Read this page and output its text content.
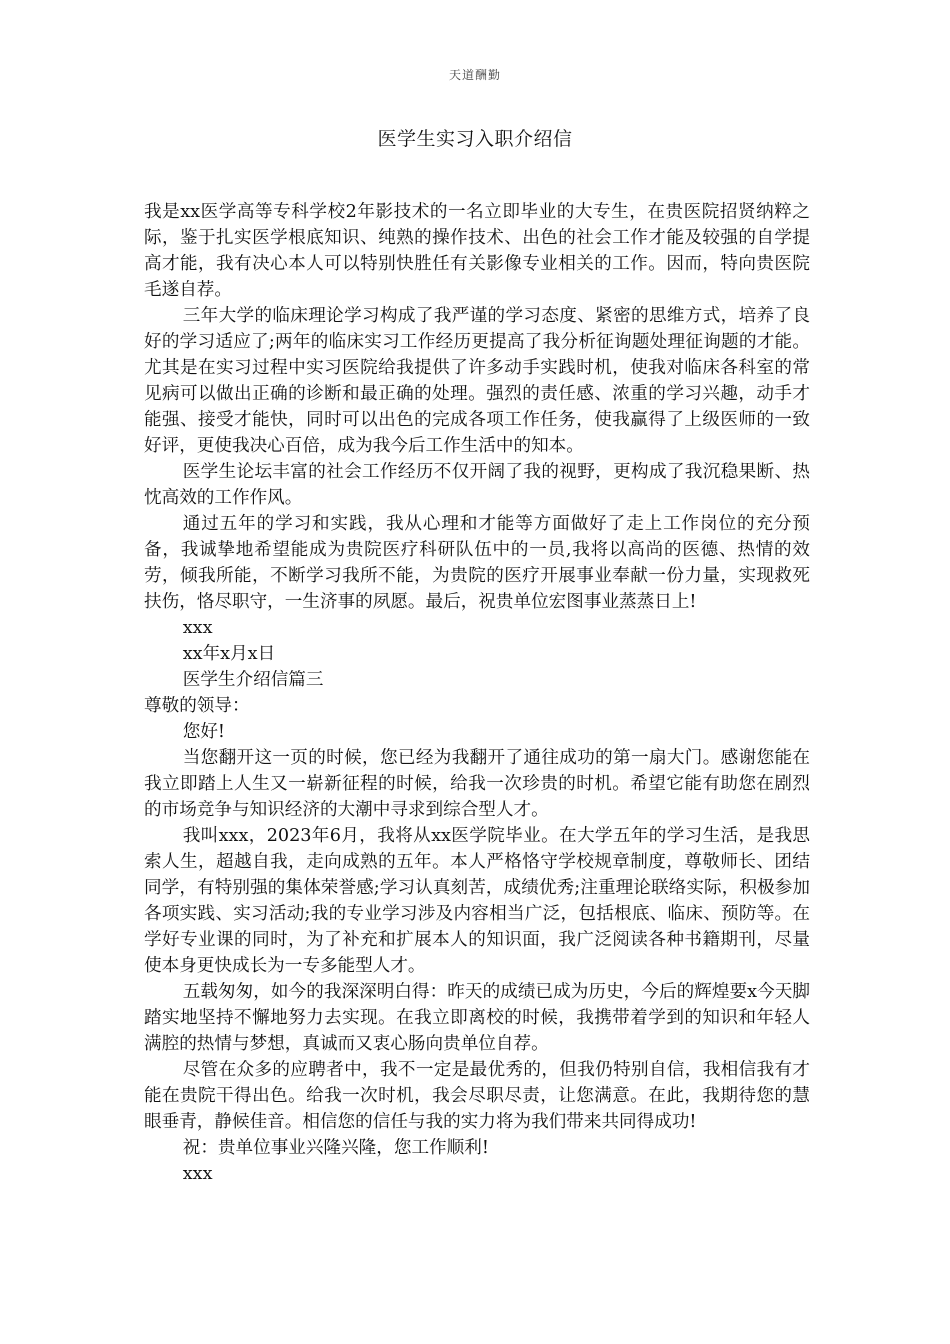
天道酬勤
医学生实习入职介绍信

我是xx医学高等专科学校2年影技术的一名立即毕业的大专生，在贵医院招贤纳粹之际，鉴于扎实医学根底知识、纯熟的操作技术、出色的社会工作才能及较强的自学提高才能，我有决心本人可以特别快胜任有关影像专业相关的工作。因而，特向贵医院毛遂自荐。

三年大学的临床理论学习构成了我严谨的学习态度、紧密的思维方式，培养了良好的学习适应了;两年的临床实习工作经历更提高了我分析征询题处理征询题的才能。尤其是在实习过程中实习医院给我提供了许多动手实践时机，使我对临床各科室的常见病可以做出正确的诊断和最正确的处理。强烈的责任感、浓重的学习兴趣，动手才能强、接受才能快，同时可以出色的完成各项工作任务，使我赢得了上级医师的一致好评，更使我决心百倍，成为我今后工作生活中的知本。

医学生论坛丰富的社会工作经历不仅开阔了我的视野，更构成了我沉稳果断、热忱高效的工作作风。

通过五年的学习和实践，我从心理和才能等方面做好了走上工作岗位的充分预备，我诚挚地希望能成为贵院医疗科研队伍中的一员,我将以高尚的医德、热情的效劳，倾我所能，不断学习我所不能，为贵院的医疗开展事业奉献一份力量，实现救死扶伤，恪尽职守，一生济事的夙愿。最后，祝贵单位宏图事业蒸蒸日上!

xxx

xx年x月x日

医学生介绍信篇三

尊敬的领导：

您好!

当您翻开这一页的时候，您已经为我翻开了通往成功的第一扇大门。感谢您能在我立即踏上人生又一崭新征程的时候，给我一次珍贵的时机。希望它能有助您在剧烈的市场竞争与知识经济的大潮中寻求到综合型人才。

我叫xxx，2023年6月，我将从xx医学院毕业。在大学五年的学习生活，是我思索人生，超越自我，走向成熟的五年。本人严格恪守学校规章制度，尊敬师长、团结同学，有特别强的集体荣誉感;学习认真刻苦，成绩优秀;注重理论联络实际，积极参加各项实践、实习活动;我的专业学习涉及内容相当广泛，包括根底、临床、预防等。在学好专业课的同时，为了补充和扩展本人的知识面，我广泛阅读各种书籍期刊，尽量使本身更快成长为一专多能型人才。

五载匆匆，如今的我深深明白得：昨天的成绩已成为历史，今后的辉煌要x今天脚踏实地坚持不懈地努力去实现。在我立即离校的时候，我携带着学到的知识和年轻人满腔的热情与梦想，真诚而又衷心肠向贵单位自荐。

尽管在众多的应聘者中，我不一定是最优秀的，但我仍特别自信，我相信我有才能在贵院干得出色。给我一次时机，我会尽职尽责，让您满意。在此，我期待您的慧眼垂青，静候佳音。相信您的信任与我的实力将为我们带来共同得成功!

祝：贵单位事业兴隆兴隆，您工作顺利!

xxx
